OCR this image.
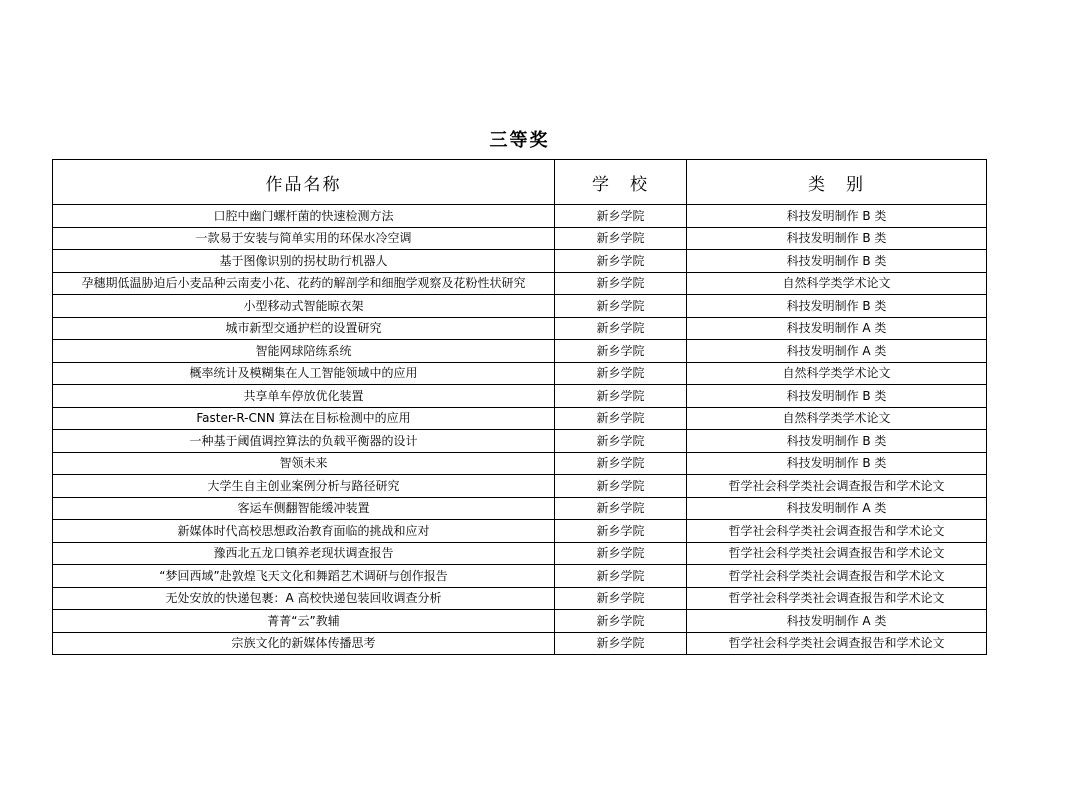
三等奖
作品名称	学　校	类　别
口腔中幽门螺杆菌的快速检测方法	新乡学院	科技发明制作 B 类
一款易于安装与简单实用的环保水冷空调	新乡学院	科技发明制作 B 类
基于图像识别的拐杖助行机器人	新乡学院	科技发明制作 B 类
孕穗期低温胁迫后小麦品种云南麦小花、花药的解剖学和细胞学观察及花粉性状研究	新乡学院	自然科学类学术论文
小型移动式智能晾衣架	新乡学院	科技发明制作 B 类
城市新型交通护栏的设置研究	新乡学院	科技发明制作 A 类
智能网球陪练系统	新乡学院	科技发明制作 A 类
概率统计及模糊集在人工智能领域中的应用	新乡学院	自然科学类学术论文
共享单车停放优化装置	新乡学院	科技发明制作 B 类
Faster-R-CNN 算法在目标检测中的应用	新乡学院	自然科学类学术论文
一种基于阈值调控算法的负载平衡器的设计	新乡学院	科技发明制作 B 类
智领未来	新乡学院	科技发明制作 B 类
大学生自主创业案例分析与路径研究	新乡学院	哲学社会科学类社会调查报告和学术论文
客运车侧翻智能缓冲装置	新乡学院	科技发明制作 A 类
新媒体时代高校思想政治教育面临的挑战和应对	新乡学院	哲学社会科学类社会调查报告和学术论文
豫西北五龙口镇养老现状调查报告	新乡学院	哲学社会科学类社会调查报告和学术论文
“梦回西域”赴敦煌飞天文化和舞蹈艺术调研与创作报告	新乡学院	哲学社会科学类社会调查报告和学术论文
无处安放的快递包裹：A 高校快递包装回收调查分析	新乡学院	哲学社会科学类社会调查报告和学术论文
菁菁“云”教辅	新乡学院	科技发明制作 A 类
宗族文化的新媒体传播思考	新乡学院	哲学社会科学类社会调查报告和学术论文
